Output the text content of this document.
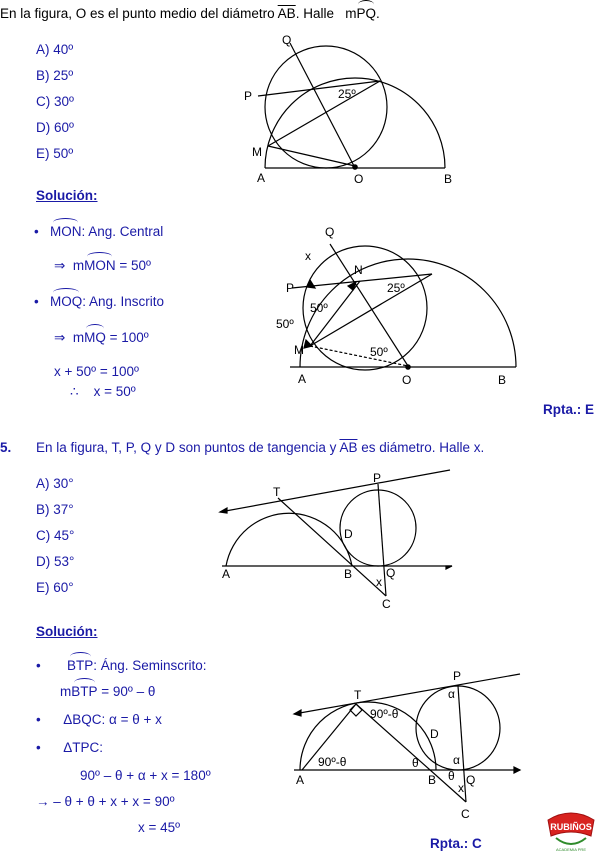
En la figura, O es el punto medio del diámetro $\overline{AB}$. Halle mPQ.
A) 40º
B) 25º
C) 30º
D) 60º
E) 50º
Q
P
M
A	O	B
25º
Solución:
•   MON: Ang. Central
⇒  mMON = 50º
•   MOQ: Ang. Inscrito
⇒  mMQ = 100º
x + 50º = 100º
∴    x = 50º
Q
x
N
P
M
A	O	B
25º
50º
50º
50º
Rpta.: E
5. En la figura, T, P, Q y D son puntos de tangencia y $\overline{AB}$ es diámetro. Halle x.
A) 30°
B) 37°
C) 45°
D) 53°
E) 60°
T
P
D
A	B	Q
x
C
Solución:
•       BTP: Áng. Seminscrito:
mBTP = 90º – θ
•      ΔBQC: α = θ + x
•      ΔTPC:
90º – θ + α + x = 180º
→ – θ + θ + x + x = 90º
x = 45º
T
P
D
A	B Q
C
x
α
α
θ
θ
90º-θ
90º-θ
Rpta.: C
RUBIÑOS
ACADEMIA PRE
